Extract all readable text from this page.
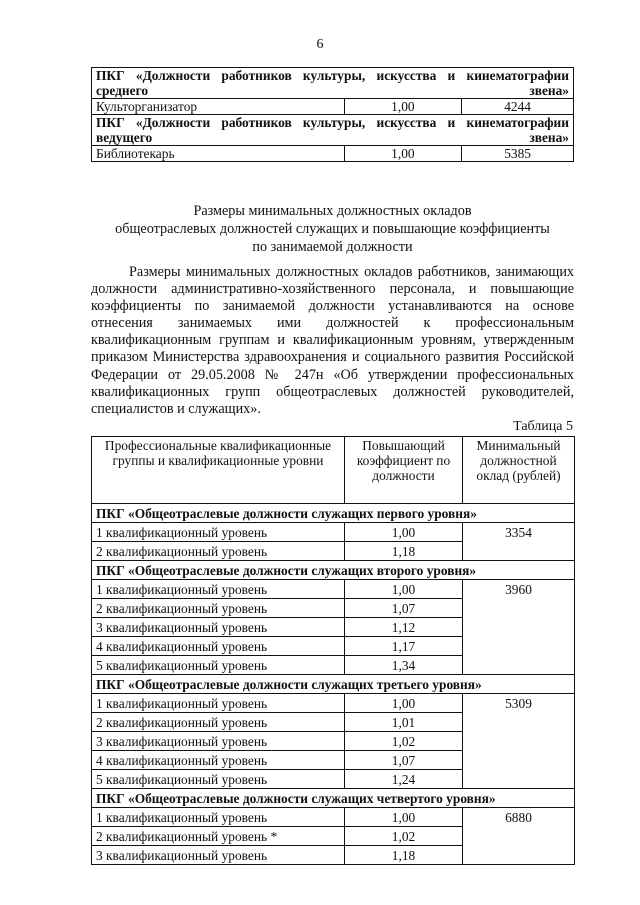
6
ПКГ «Должности работников культуры, искусства и кинематографии среднего звена»		
Культорганизатор	1,00	4244
ПКГ «Должности работников культуры, искусства и кинематографии ведущего звена»		
Библиотекарь	1,00	5385
Размеры минимальных должностных окладов
общеотраслевых должностей служащих и повышающие коэффициенты
по занимаемой должности

Размеры минимальных должностных окладов работников, занимающих должности административно-хозяйственного персонала, и повышающие коэффициенты по занимаемой должности устанавливаются на основе отнесения занимаемых ими должностей к профессиональным квалификационным группам и квалификационным уровням, утвержденным приказом Министерства здравоохранения и социального развития Российской Федерации от 29.05.2008 № 247н «Об утверждении профессиональных квалификационных групп общеотраслевых должностей руководителей, специалистов и служащих».

Таблица 5
Профессиональные квалификационные группы и квалификационные уровни	Повышающий коэффициент по должности	Минимальный должностной оклад (рублей)
ПКГ «Общеотраслевые должности служащих первого уровня»		
1 квалификационный уровень	1,00	3354
2 квалификационный уровень	1,18	
ПКГ «Общеотраслевые должности служащих второго уровня»		
1 квалификационный уровень	1,00	3960
2 квалификационный уровень	1,07	
3 квалификационный уровень	1,12	
4 квалификационный уровень	1,17	
5 квалификационный уровень	1,34	
ПКГ «Общеотраслевые должности служащих третьего уровня»		
1 квалификационный уровень	1,00	5309
2 квалификационный уровень	1,01	
3 квалификационный уровень	1,02	
4 квалификационный уровень	1,07	
5 квалификационный уровень	1,24	
ПКГ «Общеотраслевые должности служащих четвертого уровня»		
1 квалификационный уровень	1,00	6880
2 квалификационный уровень *	1,02	
3 квалификационный уровень	1,18	
